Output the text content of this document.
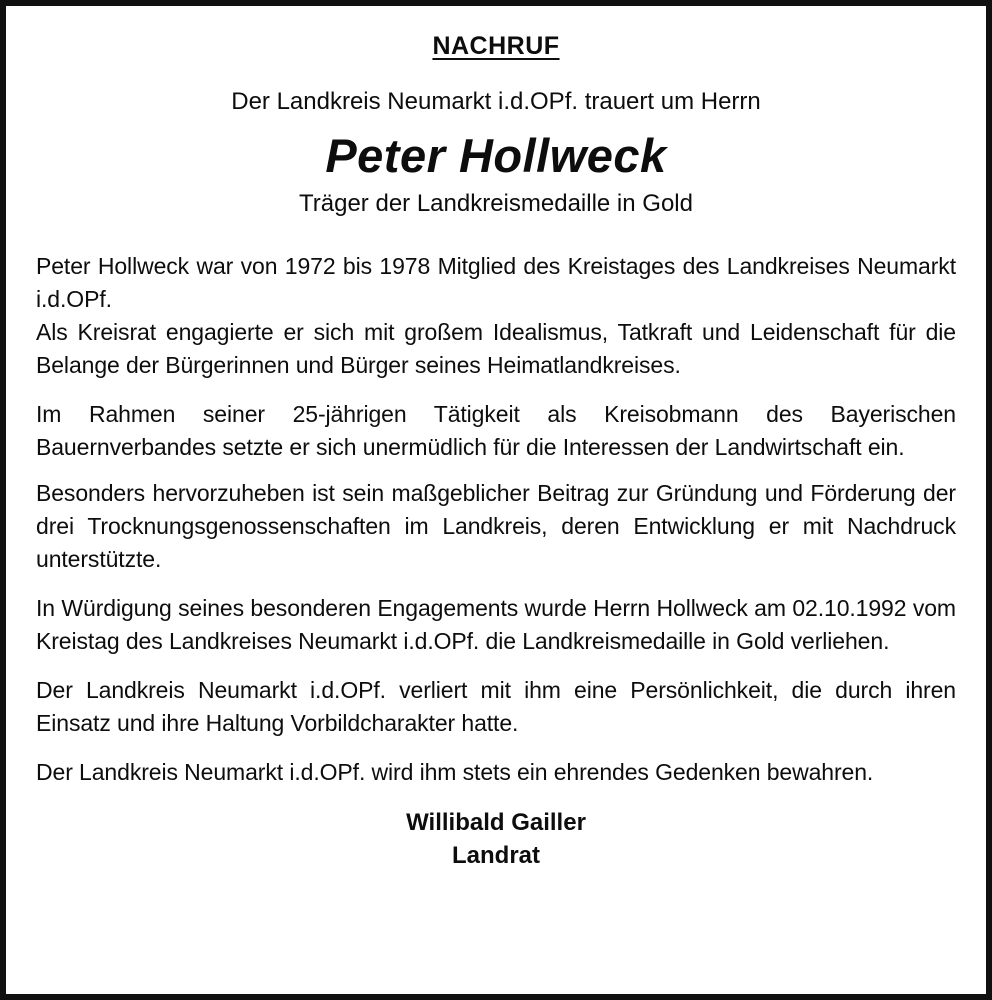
NACHRUF
Der Landkreis Neumarkt i.d.OPf. trauert um Herrn
Peter Hollweck
Träger der Landkreismedaille in Gold

Peter Hollweck war von 1972 bis 1978 Mitglied des Kreistages des Landkreises Neumarkt i.d.OPf.

Als Kreisrat engagierte er sich mit großem Idealismus, Tatkraft und Leidenschaft für die Belange der Bürgerinnen und Bürger seines Heimatlandkreises.

Im Rahmen seiner 25-jährigen Tätigkeit als Kreisobmann des Bayerischen Bauernverbandes setzte er sich unermüdlich für die Interessen der Landwirtschaft ein.

Besonders hervorzuheben ist sein maßgeblicher Beitrag zur Gründung und Förderung der drei Trocknungsgenossenschaften im Landkreis, deren Entwicklung er mit Nachdruck unterstützte.

In Würdigung seines besonderen Engagements wurde Herrn Hollweck am 02.10.1992 vom Kreistag des Landkreises Neumarkt i.d.OPf. die Landkreismedaille in Gold verliehen.

Der Landkreis Neumarkt i.d.OPf. verliert mit ihm eine Persönlichkeit, die durch ihren Einsatz und ihre Haltung Vorbildcharakter hatte.

Der Landkreis Neumarkt i.d.OPf. wird ihm stets ein ehrendes Gedenken bewahren.

Willibald Gailler
Landrat
